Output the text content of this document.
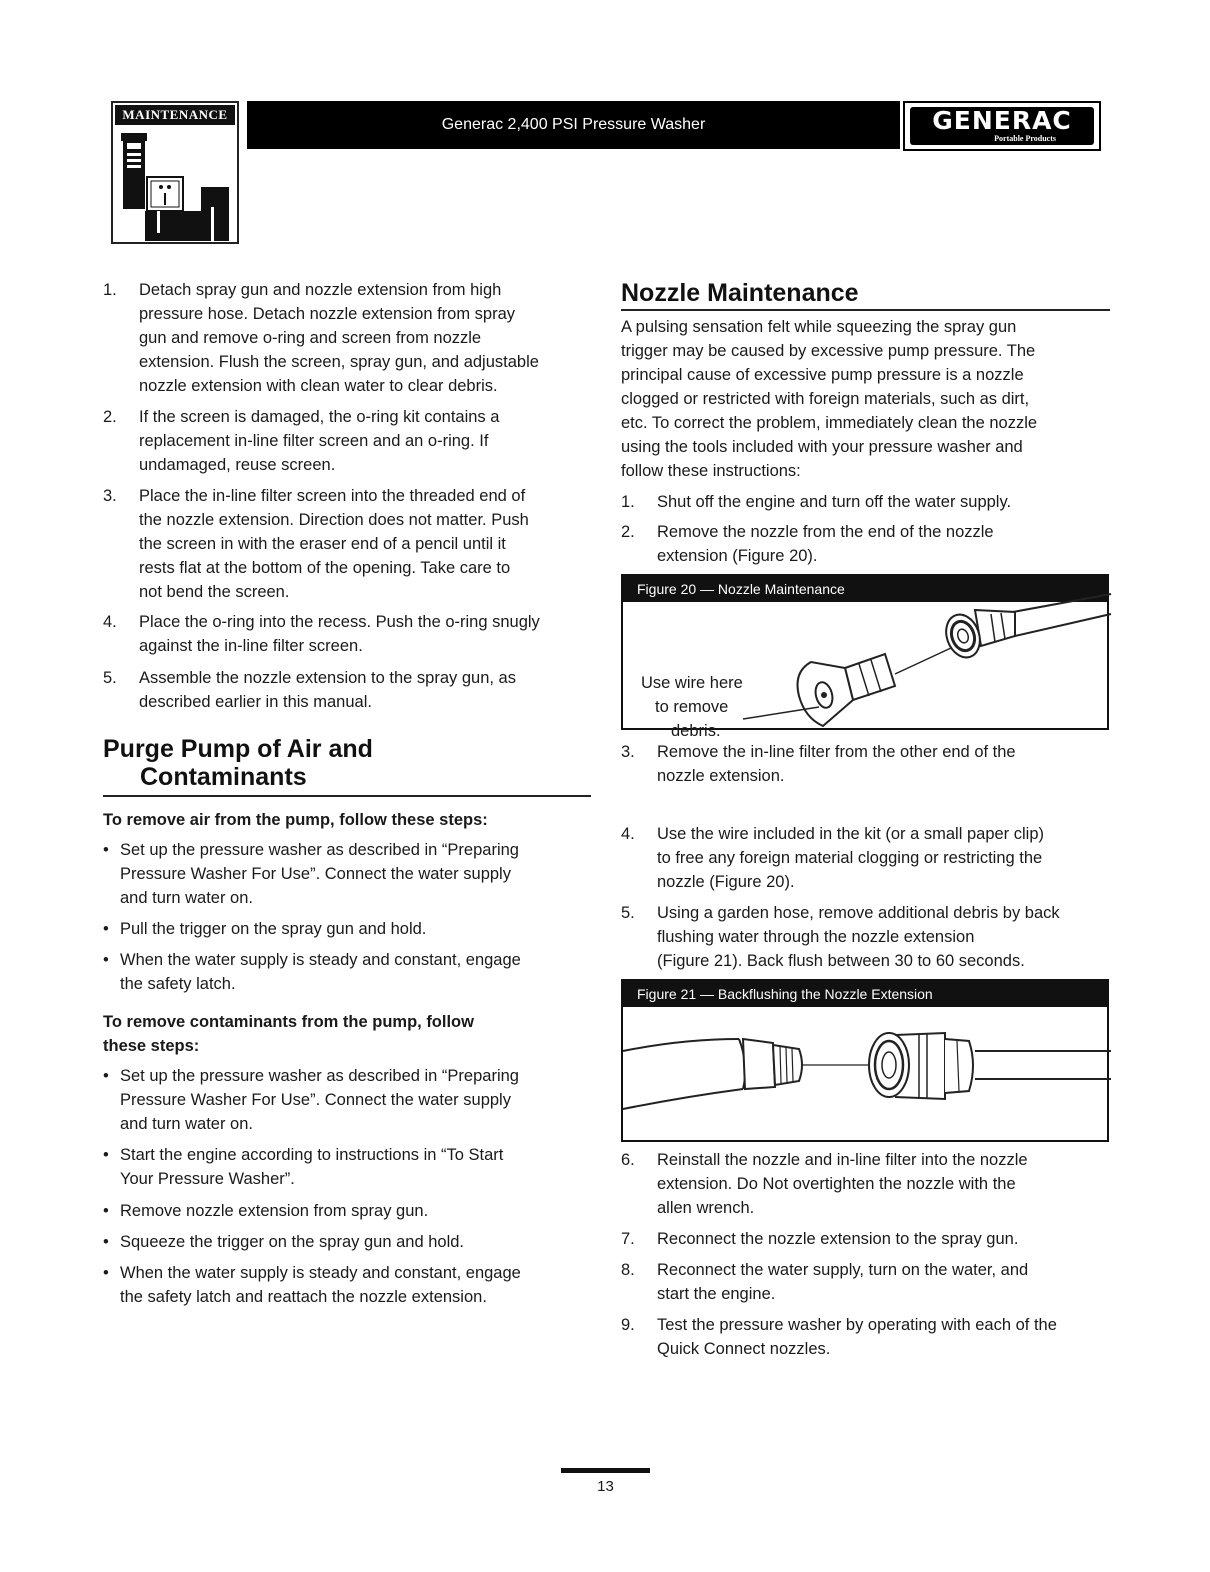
MAINTENANCE
Generac 2,400 PSI Pressure Washer	GENERAC
Portable Products
1. Detach spray gun and nozzle extension from high
pressure hose. Detach nozzle extension from spray
gun and remove o-ring and screen from nozzle
extension. Flush the screen, spray gun, and adjustable
nozzle extension with clean water to clear debris.
2. If the screen is damaged, the o-ring kit contains a
replacement in-line filter screen and an o-ring. If
undamaged, reuse screen.
3. Place the in-line filter screen into the threaded end of
the nozzle extension. Direction does not matter. Push
the screen in with the eraser end of a pencil until it
rests flat at the bottom of the opening. Take care to
not bend the screen.
4. Place the o-ring into the recess. Push the o-ring snugly
against the in-line filter screen.
5. Assemble the nozzle extension to the spray gun, as
described earlier in this manual.
Purge Pump of Air and
Contaminants
To remove air from the pump, follow these steps:
• Set up the pressure washer as described in “Preparing
Pressure Washer For Use”. Connect the water supply
and turn water on.
• Pull the trigger on the spray gun and hold.
• When the water supply is steady and constant, engage
the safety latch.
To remove contaminants from the pump, follow
these steps:
• Set up the pressure washer as described in “Preparing
Pressure Washer For Use”. Connect the water supply
and turn water on.
• Start the engine according to instructions in “To Start
Your Pressure Washer”.
• Remove nozzle extension from spray gun.
• Squeeze the trigger on the spray gun and hold.
• When the water supply is steady and constant, engage
the safety latch and reattach the nozzle extension.
Nozzle Maintenance
A pulsing sensation felt while squeezing the spray gun
trigger may be caused by excessive pump pressure. The
principal cause of excessive pump pressure is a nozzle
clogged or restricted with foreign materials, such as dirt,
etc. To correct the problem, immediately clean the nozzle
using the tools included with your pressure washer and
follow these instructions:
1. Shut off the engine and turn off the water supply.
2. Remove the nozzle from the end of the nozzle
extension (Figure 20).
Figure 20 — Nozzle Maintenance
Use wire here
to remove
debris.
3. Remove the in-line filter from the other end of the
nozzle extension.
4. Use the wire included in the kit (or a small paper clip)
to free any foreign material clogging or restricting the
nozzle (Figure 20).
5. Using a garden hose, remove additional debris by back
flushing water through the nozzle extension
(Figure 21). Back flush between 30 to 60 seconds.
Figure 21 — Backflushing the Nozzle Extension
6. Reinstall the nozzle and in-line filter into the nozzle
extension. Do Not overtighten the nozzle with the
allen wrench.
7. Reconnect the nozzle extension to the spray gun.
8. Reconnect the water supply, turn on the water, and
start the engine.
9. Test the pressure washer by operating with each of the
Quick Connect nozzles.
13
